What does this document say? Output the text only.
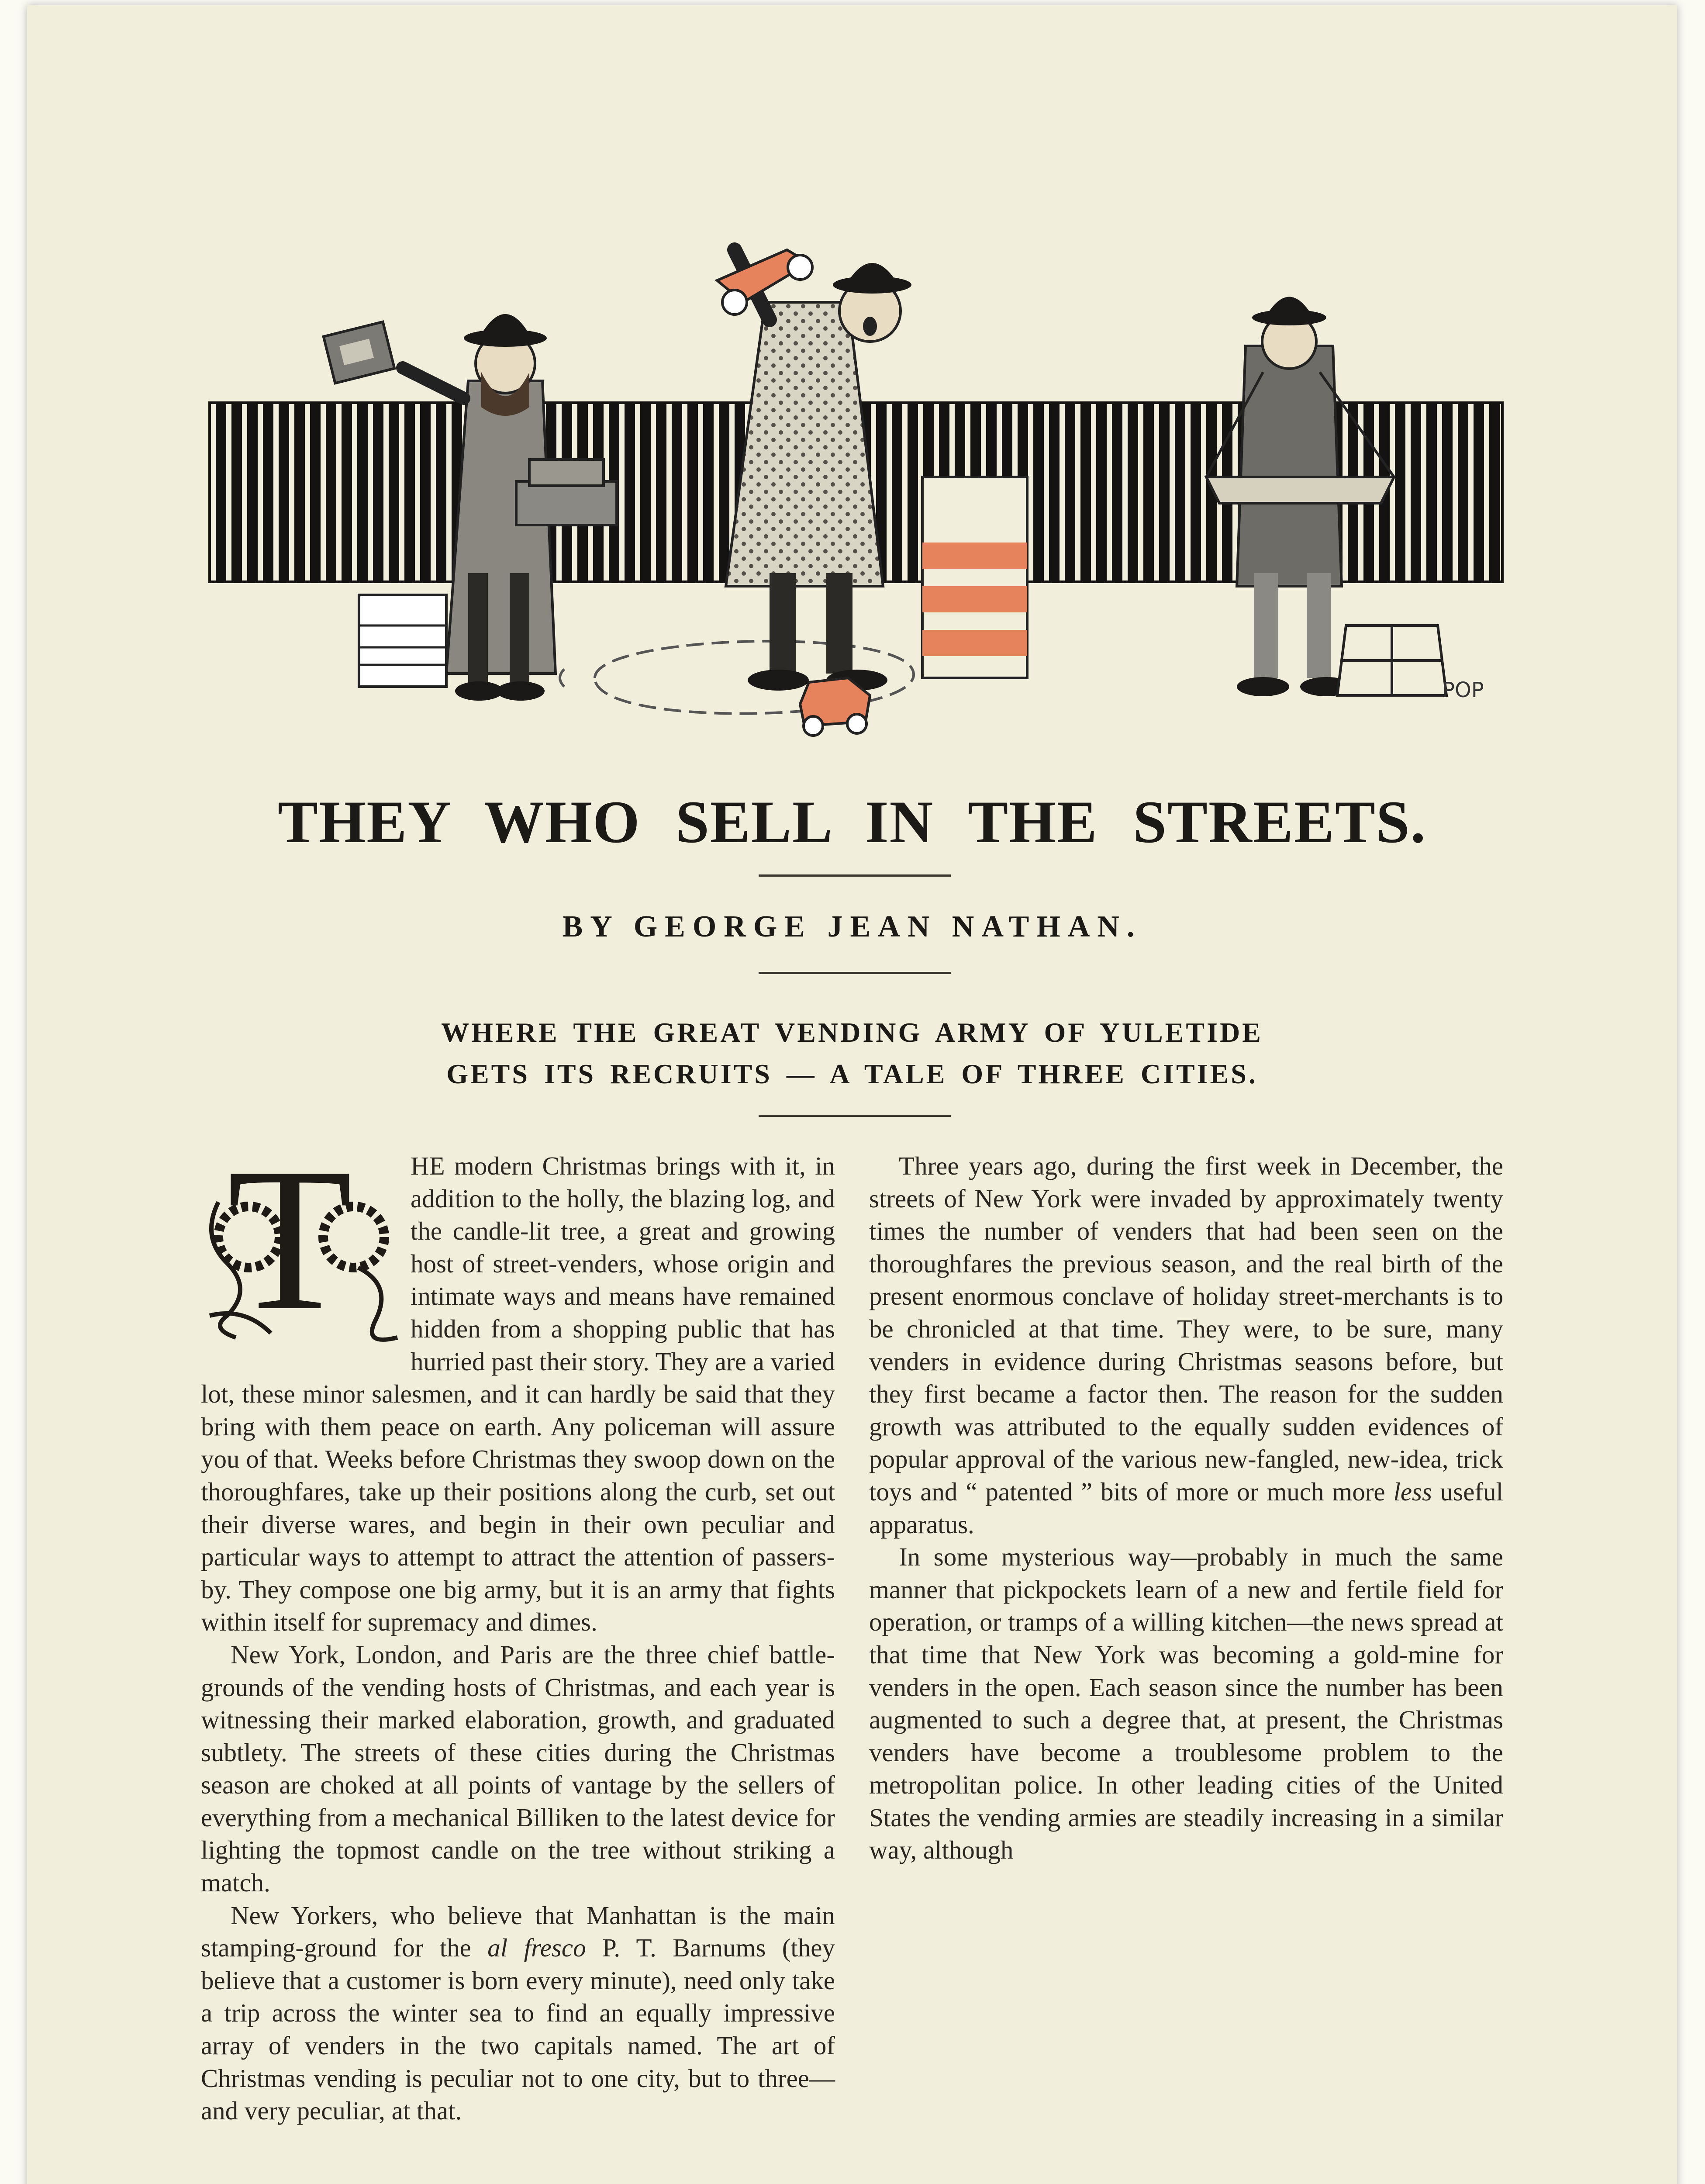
POP
THEY WHO SELL IN THE STREETS.
BY GEORGE JEAN NATHAN.
WHERE THE GREAT VENDING ARMY OF YULETIDE
GETS ITS RECRUITS — A TALE OF THREE CITIES.
T	HE modern Christmas brings with it, in addition to the holly, the blazing log, and the candle-lit tree, a great and growing host of street-venders, whose origin and intimate ways and means have remained hidden from a shopping public that has hurried past their story. They are a varied lot, these minor salesmen, and it can hardly be said that they bring with them peace on earth. Any policeman will assure you of that. Weeks before Christmas they swoop down on the thoroughfares, take up their positions along the curb, set out their diverse wares, and begin in their own peculiar and particular ways to attempt to attract the attention of passers-by. They compose one big army, but it is an army that fights within itself for supremacy and dimes.

New York, London, and Paris are the three chief battle-grounds of the vending hosts of Christmas, and each year is witnessing their marked elaboration, growth, and graduated subtlety. The streets of these cities during the Christmas season are choked at all points of vantage by the sellers of everything from a mechanical Billiken to the latest device for lighting the topmost candle on the tree without striking a match.

New Yorkers, who believe that Manhattan is the main stamping-ground for the al fresco P. T. Barnums (they believe that a customer is born every minute), need only take a trip across the winter sea to find an equally impressive array of venders in the two capitals named. The art of Christmas vending is peculiar not to one city, but to three—and very peculiar, at that.

Three years ago, during the first week in December, the streets of New York were invaded by approximately twenty times the number of venders that had been seen on the thoroughfares the previous season, and the real birth of the present enormous conclave of holiday street-merchants is to be chronicled at that time. They were, to be sure, many venders in evidence during Christmas seasons before, but they first became a factor then. The reason for the sudden growth was attributed to the equally sudden evidences of popular approval of the various new-fangled, new-idea, trick toys and “ patented ” bits of more or much more less useful apparatus.

In some mysterious way—probably in much the same manner that pickpockets learn of a new and fertile field for operation, or tramps of a willing kitchen—the news spread at that time that New York was becoming a gold-mine for venders in the open. Each season since the number has been augmented to such a degree that, at present, the Christmas venders have become a troublesome problem to the metropolitan police. In other leading cities of the United States the vending armies are steadily increasing in a similar way, although
